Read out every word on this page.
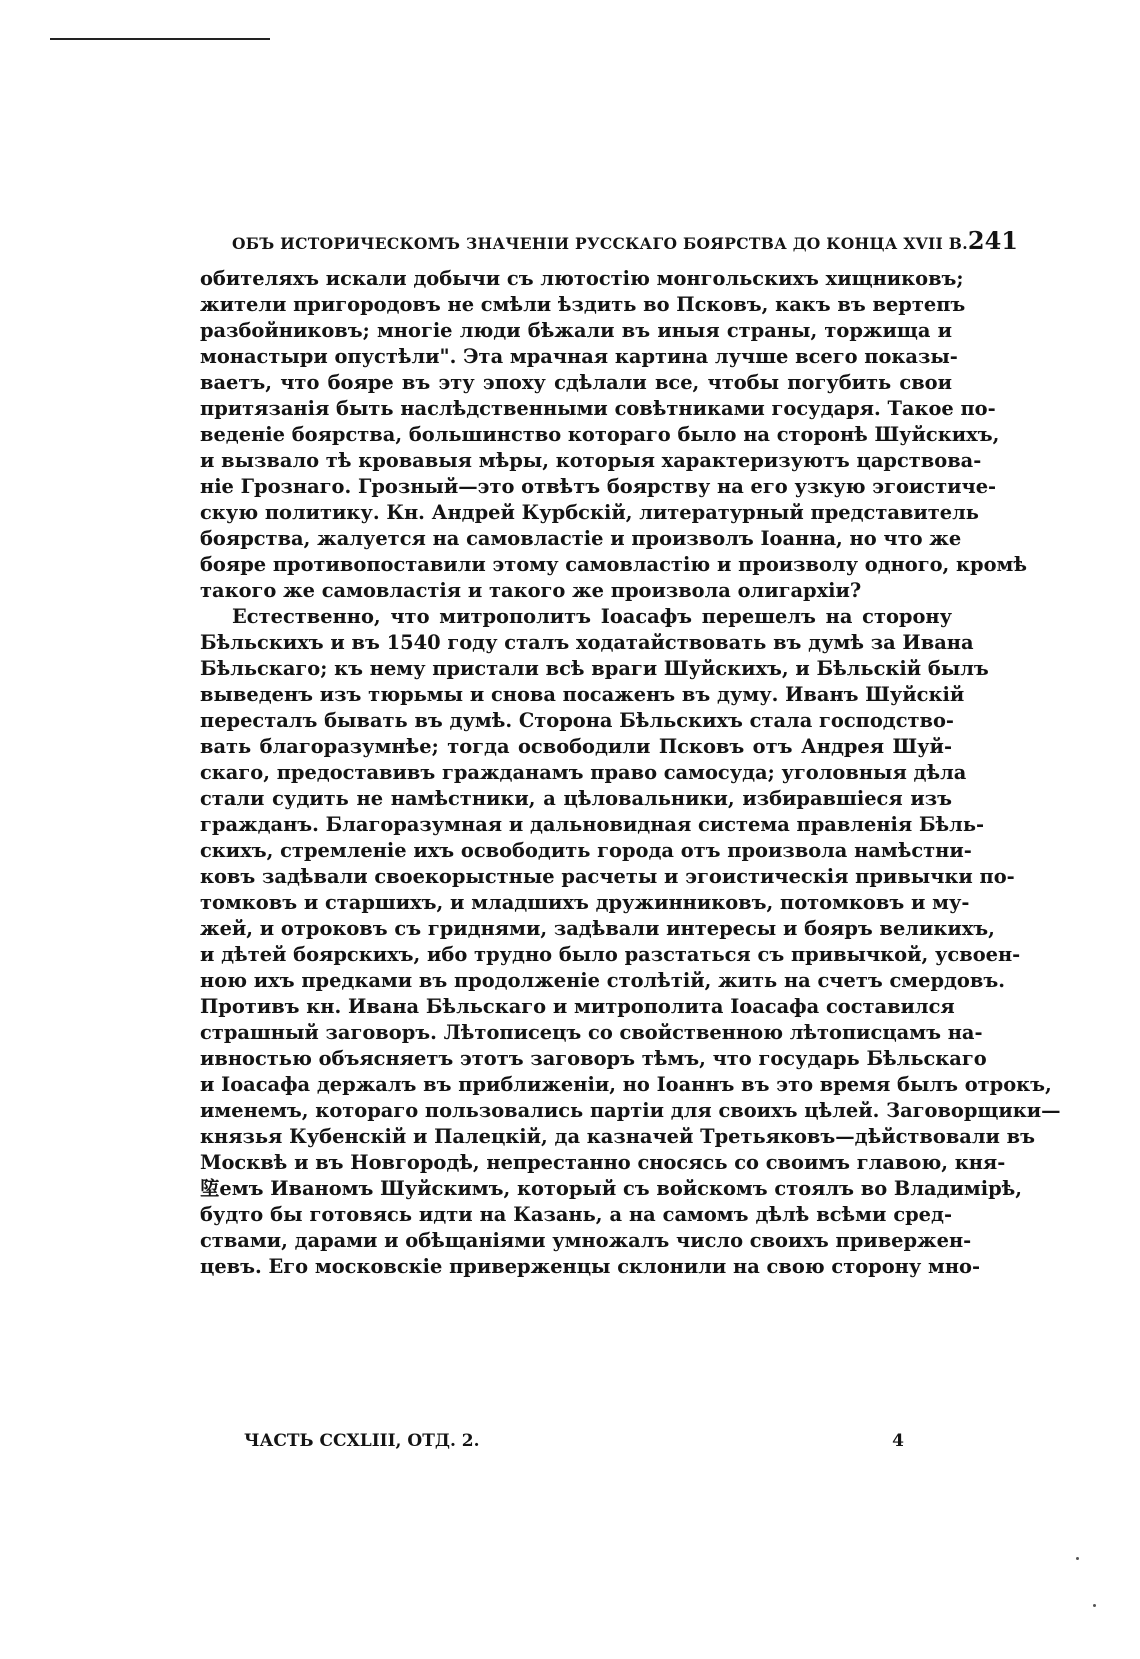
ОБЪ ИСТОРИЧЕСКОМЪ ЗНАЧЕНІИ РУССКАГО БОЯРСТВА ДО КОНЦА XVII В. 241
обителяхъ искали добычи съ лютостію монгольскихъ хищниковъ;
жители пригородовъ не смѣли ѣздить во Псковъ, какъ въ вертепъ
разбойниковъ; многіе люди бѣжали въ иныя страны, торжища и
монастыри опустѣли". Эта мрачная картина лучше всего показы-
ваетъ, что бояре въ эту эпоху сдѣлали все, чтобы погубить свои
притязанія быть наслѣдственными совѣтниками государя. Такое по-
веденіе боярства, большинство котораго было на сторонѣ Шуйскихъ,
и вызвало тѣ кровавыя мѣры, которыя характеризуютъ царствова-
ніе Грознаго. Грозный—это отвѣтъ боярству на его узкую эгоистиче-
скую политику. Кн. Андрей Курбскій, литературный представитель
боярства, жалуется на самовластіе и произволъ Іоанна, но что же
бояре противопоставили этому самовластію и произволу одного, кромѣ
такого же самовластія и такого же произвола олигархіи?
Естественно, что митрополитъ Іоасафъ перешелъ на сторону
Бѣльскихъ и въ 1540 году сталъ ходатайствовать въ думѣ за Ивана
Бѣльскаго; къ нему пристали всѣ враги Шуйскихъ, и Бѣльскій былъ
выведенъ изъ тюрьмы и снова посаженъ въ думу. Иванъ Шуйскій
пересталъ бывать въ думѣ. Сторона Бѣльскихъ стала господство-
вать благоразумнѣе; тогда освободили Псковъ отъ Андрея Шуй-
скаго, предоставивъ гражданамъ право самосуда; уголовныя дѣла
стали судить не намѣстники, а цѣловальники, избиравшіеся изъ
гражданъ. Благоразумная и дальновидная система правленія Бѣль-
скихъ, стремленіе ихъ освободить города отъ произвола намѣстни-
ковъ задѣвали своекорыстные расчеты и эгоистическія привычки по-
томковъ и старшихъ, и младшихъ дружинниковъ, потомковъ и му-
жей, и отроковъ съ гриднями, задѣвали интересы и бояръ великихъ,
и дѣтей боярскихъ, ибо трудно было разстаться съ привычкой, усвоен-
ною ихъ предками въ продолженіе столѣтій, жить на счетъ смердовъ.
Противъ кн. Ивана Бѣльскаго и митрополита Іоасафа составился
страшный заговоръ. Лѣтописецъ со свойственною лѣтописцамъ на-
ивностью объясняетъ этотъ заговоръ тѣмъ, что государь Бѣльскаго
и Іоасафа держалъ въ приближеніи, но Іоаннъ въ это время былъ отрокъ,
именемъ, котораго пользовались партіи для своихъ цѣлей. Заговорщики—
князья Кубенскій и Палецкій, да казначей Третьяковъ—дѣйствовали въ
Москвѣ и въ Новгородѣ, непрестанно сносясь со своимъ главою, кня-
埅емъ Иваномъ Шуйскимъ, который съ войскомъ стоялъ во Владимірѣ,
будто бы готовясь идти на Казань, а на самомъ дѣлѣ всѣми сред-
ствами, дарами и обѣщаніями умножалъ число своихъ привержен-
цевъ. Его московскіе приверженцы склонили на свою сторону мно-
ЧАСТЬ CCXLIII, ОТД. 2.	4
